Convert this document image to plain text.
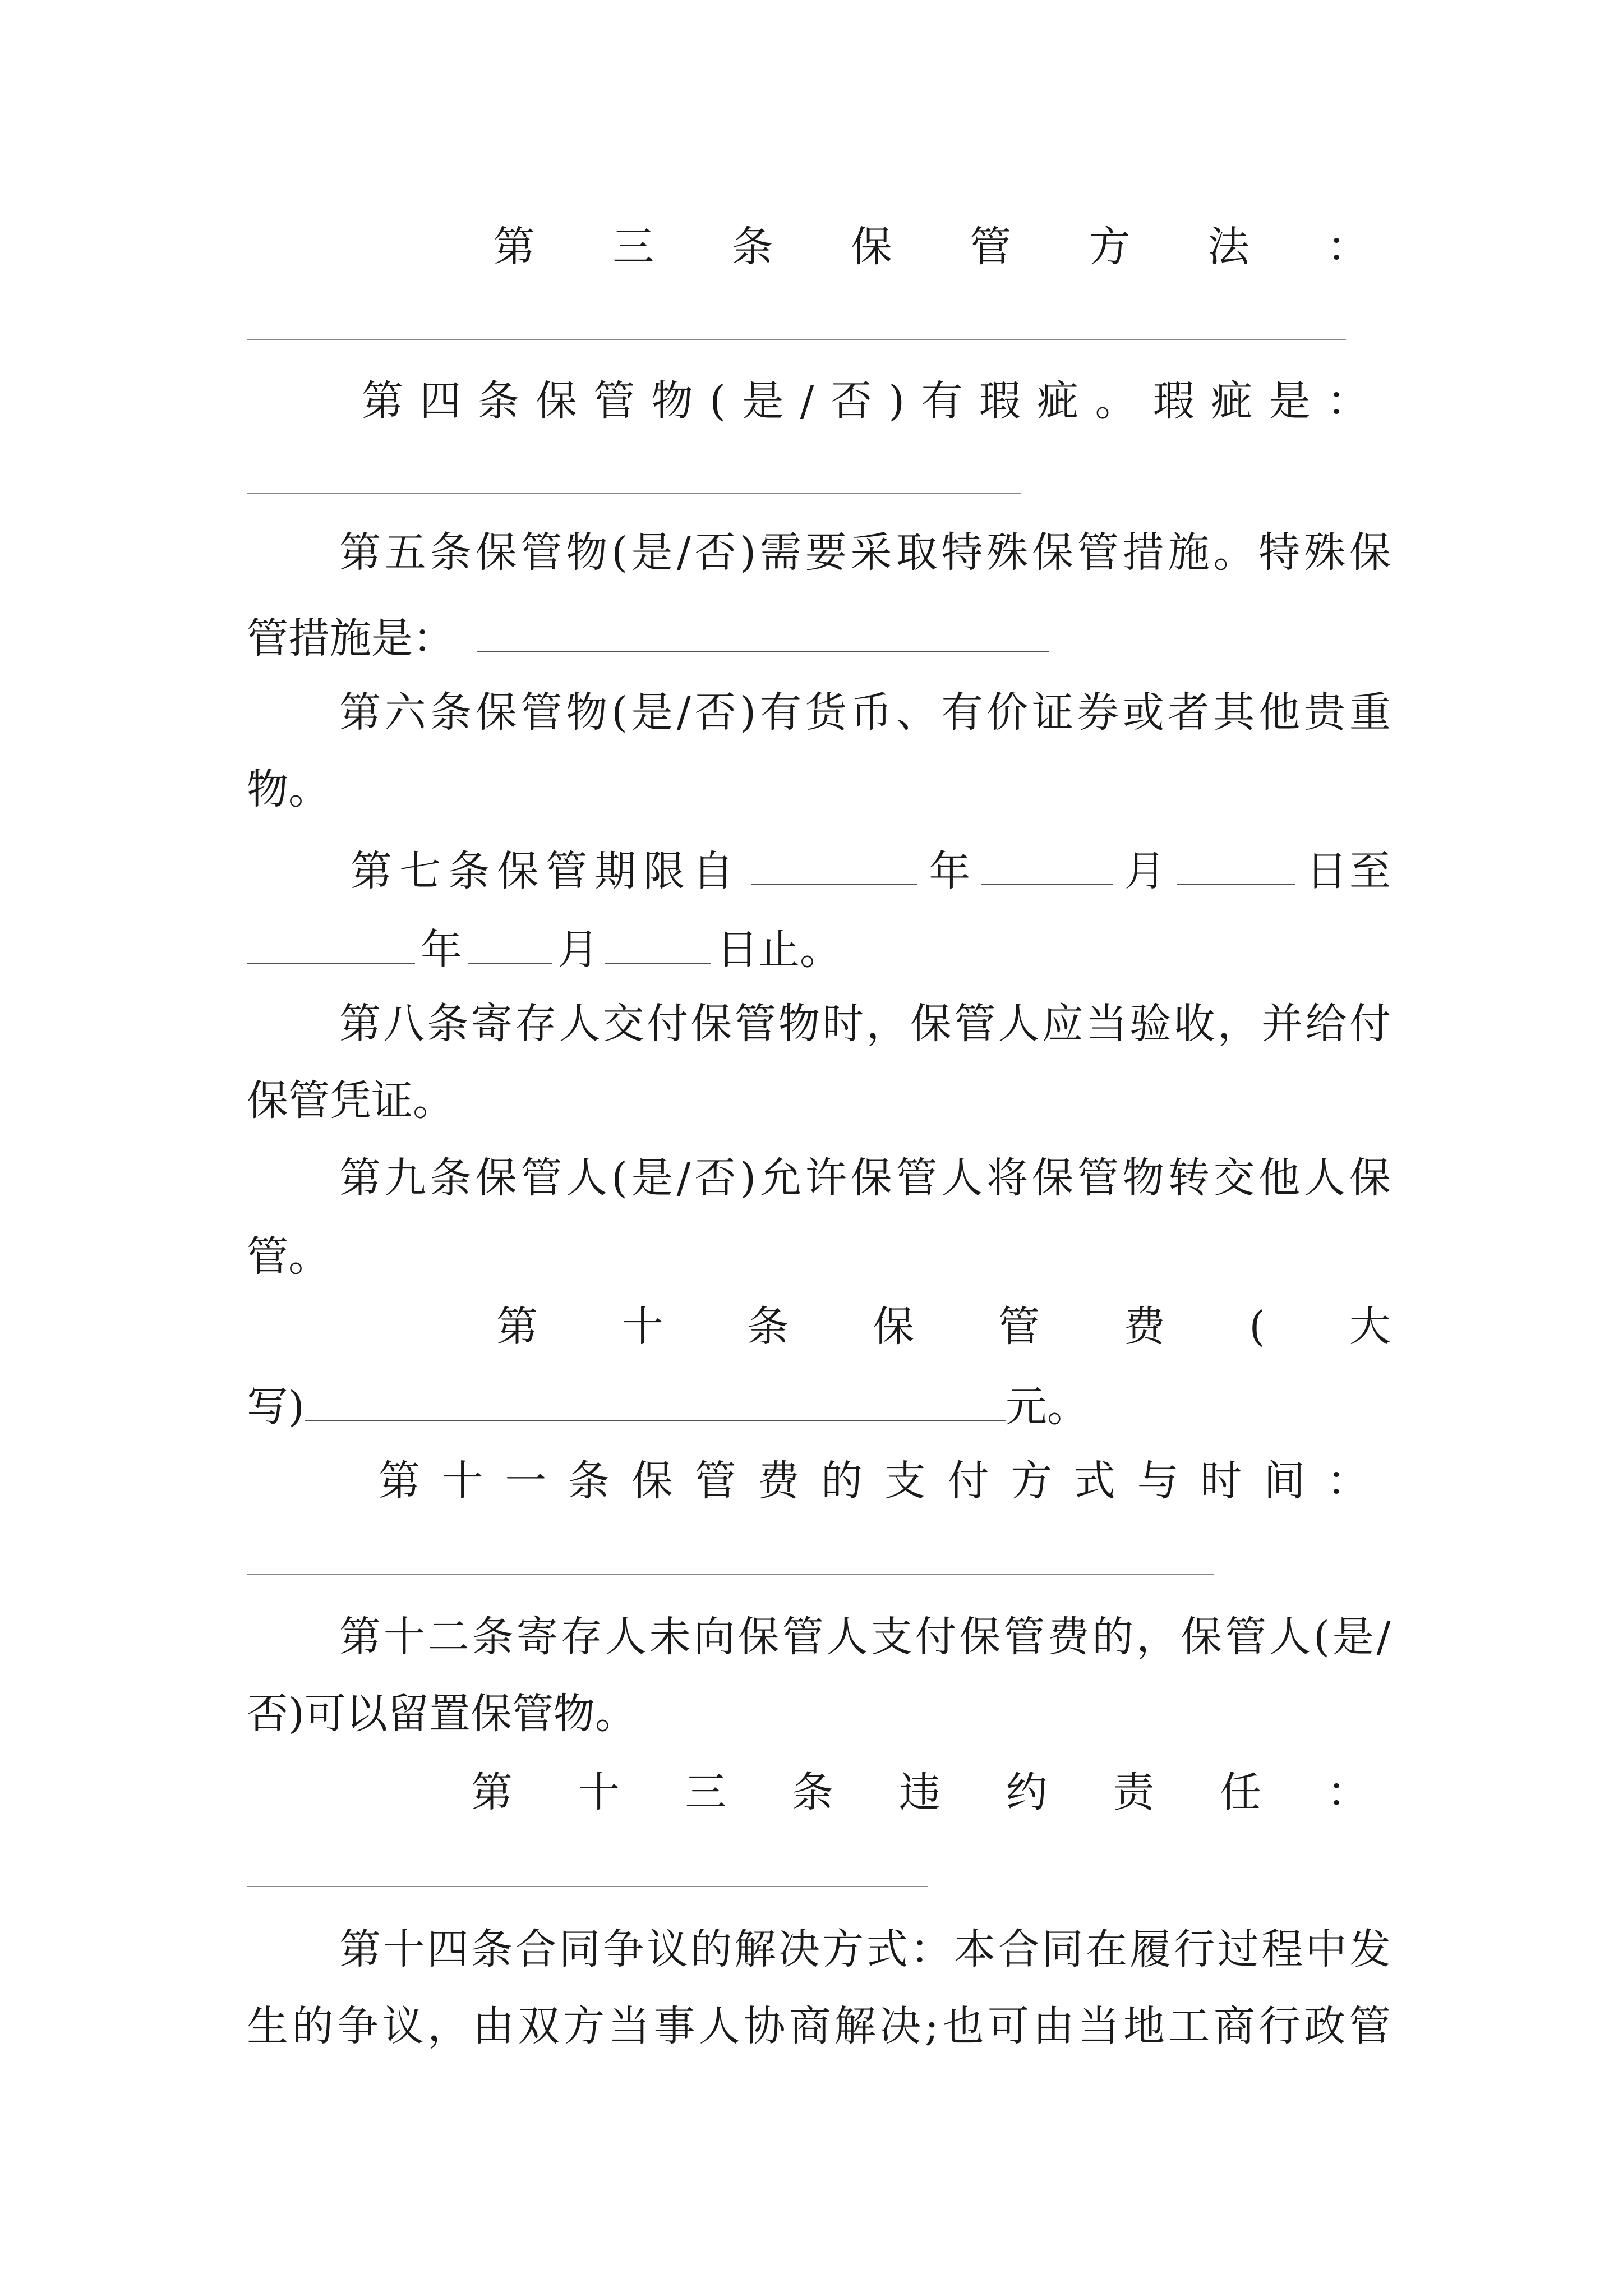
第 三 条 保 管 方 法 ：
第 四 条 保 管 物 ( 是 / 否 ) 有 瑕 疵 。 瑕 疵 是 ：
第 五 条 保 管 物 ( 是 / 否 ) 需 要 采 取 特 殊 保 管 措 施 。 特 殊 保
管措施是：
第 六 条 保 管 物 ( 是 / 否 ) 有 货 币 、 有 价 证 券 或 者 其 他 贵 重
物。
第 七 条 保 管 期 限 自	年	月	日 至
年 月	日止。
第 八 条 寄 存 人 交 付 保 管 物 时 ， 保 管 人 应 当 验 收 ， 并 给 付
保管凭证。
第 九 条 保 管 人 ( 是 / 否 ) 允 许 保 管 人 将 保 管 物 转 交 他 人 保
管。
第 十 条 保 管 费 ( 大
写)	元。
第 十 一 条 保 管 费 的 支 付 方 式 与 时 间 ：
第 十 二 条 寄 存 人 未 向 保 管 人 支 付 保 管 费 的 ， 保 管 人 ( 是 /
否)可以留置保管物。
第 十 三 条 违 约 责 任 ：
第 十 四 条 合 同 争 议 的 解 决 方 式 ： 本 合 同 在 履 行 过 程 中 发
生 的 争 议 ， 由 双 方 当 事 人 协 商 解 决 ; 也 可 由 当 地 工 商 行 政 管
